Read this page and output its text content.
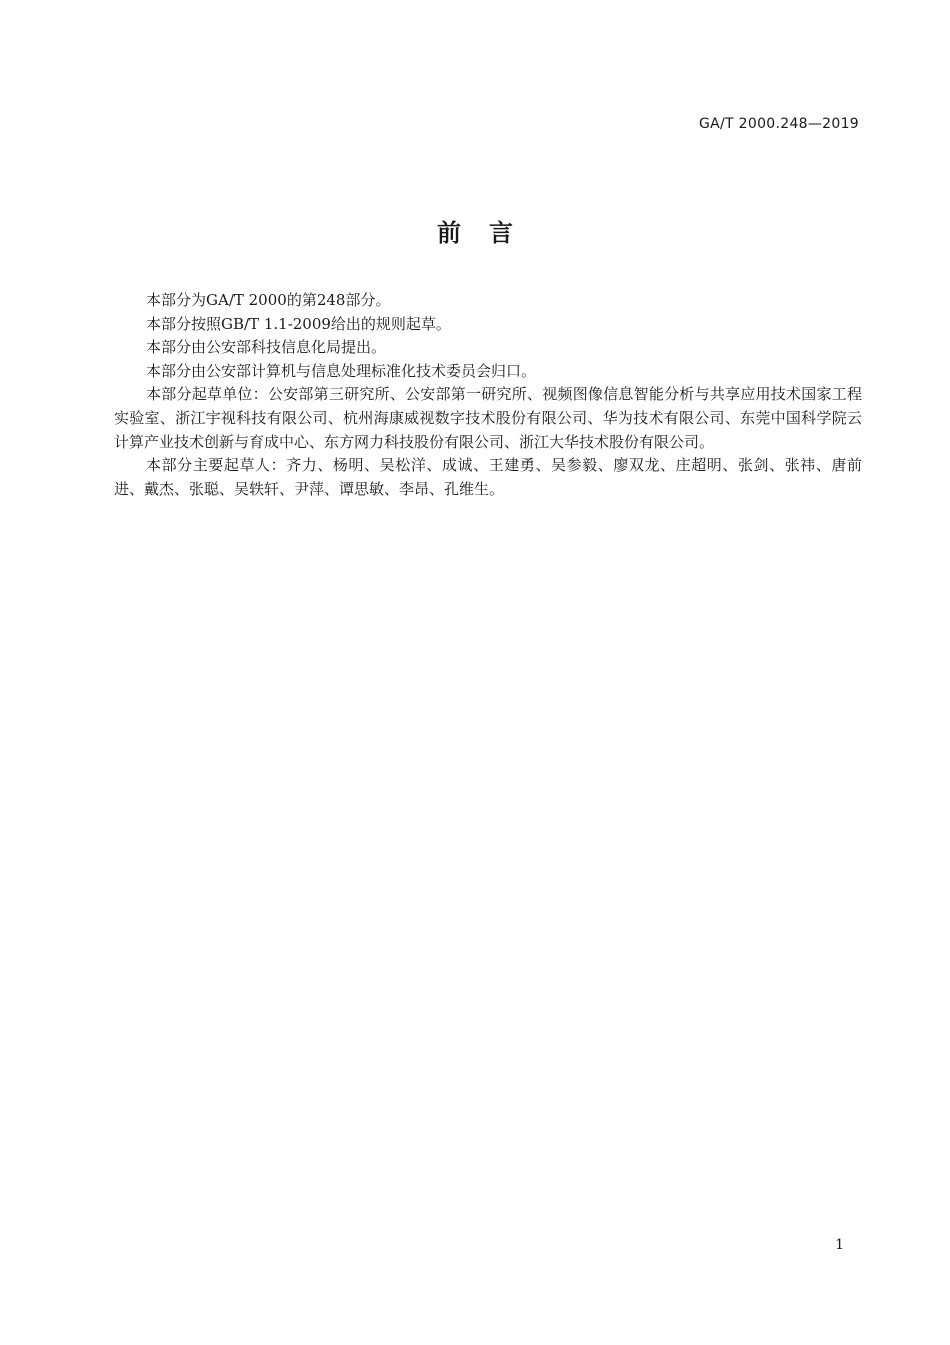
GA/T 2000.248—2019
前言

本部分为GA/T 2000的第248部分。

本部分按照GB/T 1.1-2009给出的规则起草。

本部分由公安部科技信息化局提出。

本部分由公安部计算机与信息处理标准化技术委员会归口。

本部分起草单位：公安部第三研究所、公安部第一研究所、视频图像信息智能分析与共享应用技术国家工程实验室、浙江宇视科技有限公司、杭州海康威视数字技术股份有限公司、华为技术有限公司、东莞中国科学院云计算产业技术创新与育成中心、东方网力科技股份有限公司、浙江大华技术股份有限公司。

本部分主要起草人：齐力、杨明、吴松洋、成诚、王建勇、吴参毅、廖双龙、庄超明、张剑、张祎、唐前进、戴杰、张聪、吴轶轩、尹萍、谭思敏、李昂、孔维生。

1
